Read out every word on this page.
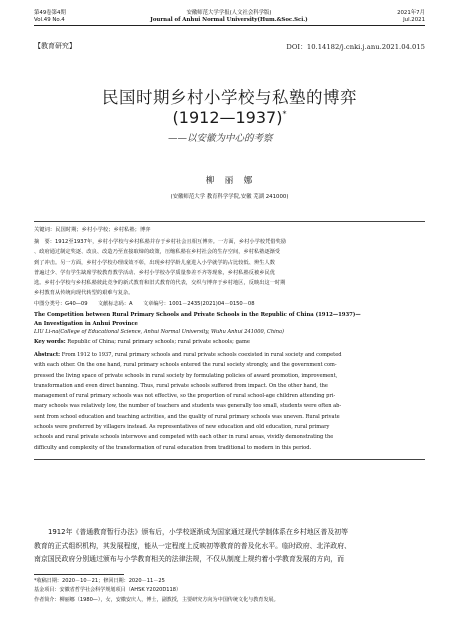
第49卷第4期
Vol.49 No.4
安徽师范大学学报(人文社会科学版)
Journal of Anhui Normal University(Hum.&Soc.Sci.)
2021年7月
Jul.2021
【教育研究】	DOI：10.14182/j.cnki.j.anu.2021.04.015
民国时期乡村小学校与私塾的博弈
(1912—1937)*
——以安徽为中心的考察
柳　丽　娜
(安徽师范大学 教育科学学院,安徽 芜湖 241000)
关键词：民国时期；乡村小学校；乡村私塾；博弈
摘　要：1912至1937年，乡村小学校与乡村私塾并存于乡村社会且相互博弈。一方面，乡村小学校凭借奖励
、政府通过制定奖逐、改良、改造乃至直接取缔的政策，压缩私塾在乡村社会的生存空间，乡村私塾逐渐受
到了冲击。另一方面，乡村小学校办理成效不彰，出现乡村学龄儿童进入小学就学的占比较低、辨生人数
普遍过少、学有学生缺席学校教育教学活动、乡村小学校办学质量参差不齐等现象，乡村私塾反被乡民优
选。乡村小学校与乡村私塾彼此竞争的新式教育和旧式教育的代表，交织与博弈于乡村地区，反映出这一时期
乡村教育从传统向现代转型的艰难与复杂。
中图分类号：G40—09　　文献标志码：A　　文章编号：1001－2435(2021)04－0150－08
The Competition between Rural Primary Schools and Private Schools in the Republic of China (1912—1937)—
An Investigation in Anhui Province
LIU Li-na(College of Educational Science, Anhui Normal University, Wuhu Anhui 241000, China)
Key words: Republic of China; rural primary schools; rural private schools; game
Abstract: From 1912 to 1937, rural primary schools and rural private schools coexisted in rural society and competed
with each other. On the one hand, rural primary schools entered the rural society strongly, and the government com-
pressed the living space of private schools in rural society by formulating policies of award promotion, improvement,
transformation and even direct banning. Thus, rural private schools suffered from impact. On the other hand, the
management of rural primary schools was not effective, so the proportion of rural school-age children attending pri-
mary schools was relatively low, the number of teachers and students was generally too small, students were often ab-
sent from school education and teaching activities, and the quality of rural primary schools was uneven. Rural private
schools were preferred by villagers instead. As representatives of new education and old education, rural primary
schools and rural private schools interwove and competed with each other in rural areas, vividly demonstrating the
difficulty and complexity of the transformation of rural education from traditional to modern in this period.
1912年《普通教育暂行办法》颁布后，小学校逐渐成为国家通过现代学制体系在乡村地区普及初等
教育的正式组织机构，其发展程度，能从一定程度上反映初等教育的普及化水平。临时政府、北洋政府、
南京国民政府分别通过颁布与小学教育相关的法律法规，不仅从制度上规约着小学教育发展的方向，而
*收稿日期：2020－10－21；修回日期：2020－11－25
基金项目：安徽省哲学社会科学规划项目（AHSK Y2020D118）
作者简介：柳丽娜（1980—），女，安徽安庆人，博士，副教授，主要研究方向为中国传统文化与教育发展。
